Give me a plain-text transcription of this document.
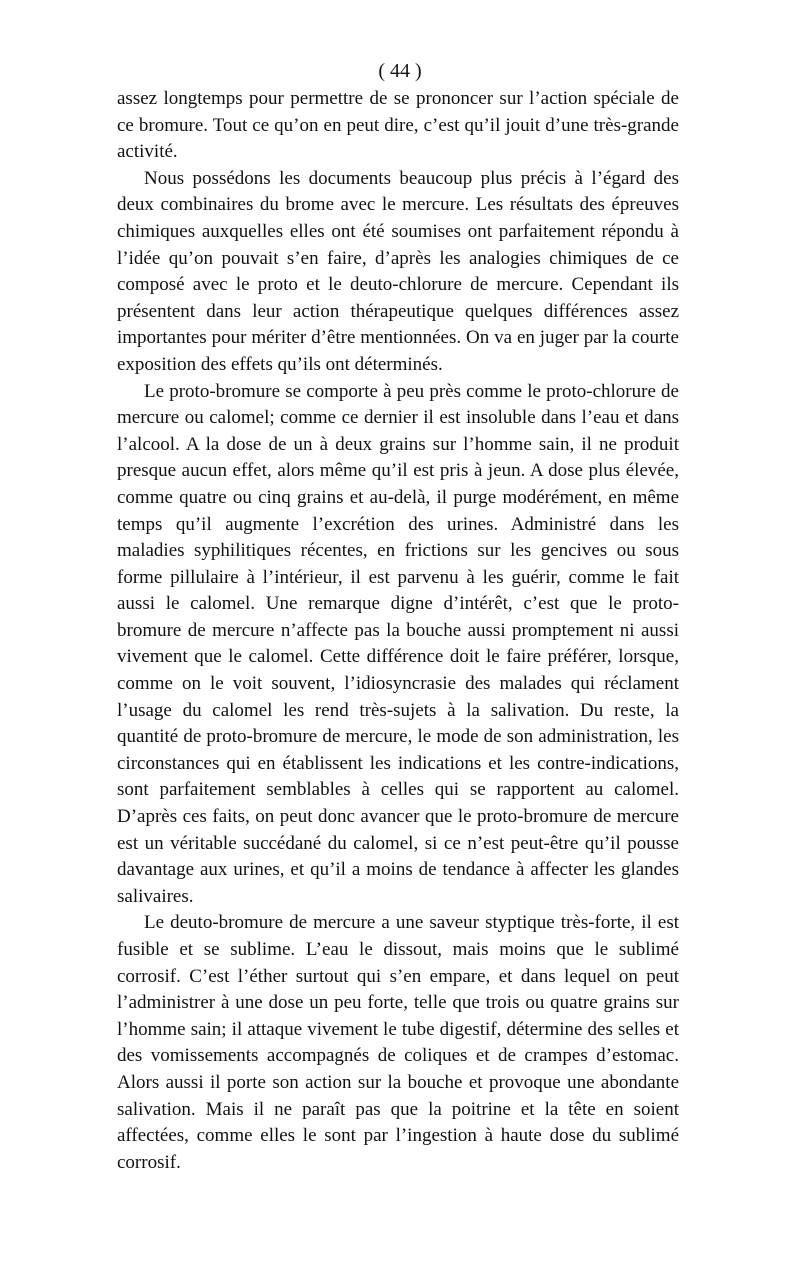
( 44 )

assez longtemps pour permettre de se prononcer sur l’action spéciale de ce bromure. Tout ce qu’on en peut dire, c’est qu’il jouit d’une très-grande activité.

Nous possédons les documents beaucoup plus précis à l’égard des deux combinaires du brome avec le mercure. Les résultats des épreuves chimiques auxquelles elles ont été soumises ont parfaitement répondu à l’idée qu’on pouvait s’en faire, d’après les analogies chimiques de ce composé avec le proto et le deuto-chlorure de mercure. Cependant ils présentent dans leur action thérapeutique quelques différences assez importantes pour mériter d’être mentionnées. On va en juger par la courte exposition des effets qu’ils ont déterminés.

Le proto-bromure se comporte à peu près comme le proto-chlorure de mercure ou calomel; comme ce dernier il est insoluble dans l’eau et dans l’alcool. A la dose de un à deux grains sur l’homme sain, il ne produit presque aucun effet, alors même qu’il est pris à jeun. A dose plus élevée, comme quatre ou cinq grains et au-delà, il purge modérément, en même temps qu’il augmente l’excrétion des urines. Administré dans les maladies syphilitiques récentes, en frictions sur les gencives ou sous forme pillulaire à l’intérieur, il est parvenu à les guérir, comme le fait aussi le calomel. Une remarque digne d’intérêt, c’est que le proto-bromure de mercure n’affecte pas la bouche aussi promptement ni aussi vivement que le calomel. Cette différence doit le faire préférer, lorsque, comme on le voit souvent, l’idiosyncrasie des malades qui réclament l’usage du calomel les rend très-sujets à la salivation. Du reste, la quantité de proto-bromure de mercure, le mode de son administration, les circonstances qui en établissent les indications et les contre-indications, sont parfaitement semblables à celles qui se rapportent au calomel. D’après ces faits, on peut donc avancer que le proto-bromure de mercure est un véritable succédané du calomel, si ce n’est peut-être qu’il pousse davantage aux urines, et qu’il a moins de tendance à affecter les glandes salivaires.

Le deuto-bromure de mercure a une saveur styptique très-forte, il est fusible et se sublime. L’eau le dissout, mais moins que le sublimé corrosif. C’est l’éther surtout qui s’en empare, et dans lequel on peut l’administrer à une dose un peu forte, telle que trois ou quatre grains sur l’homme sain; il attaque vivement le tube digestif, détermine des selles et des vomissements accompagnés de coliques et de crampes d’estomac. Alors aussi il porte son action sur la bouche et provoque une abondante salivation. Mais il ne paraît pas que la poitrine et la tête en soient affectées, comme elles le sont par l’ingestion à haute dose du sublimé corrosif.
